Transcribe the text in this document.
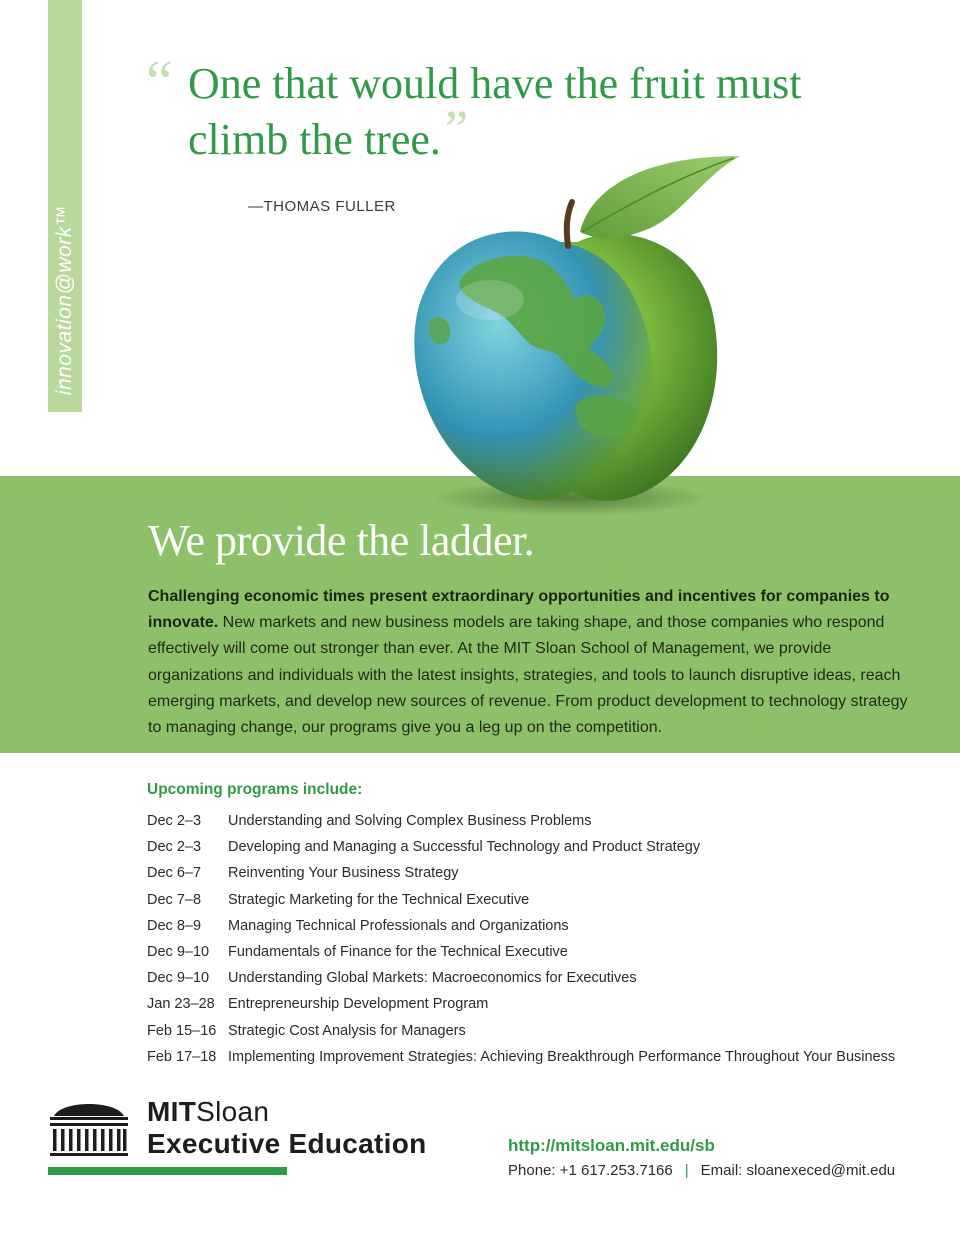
innovation@work™
“ One that would have the fruit must climb the tree.”

—THOMAS FULLER
We provide the ladder.

Challenging economic times present extraordinary opportunities and incentives for companies to innovate. New markets and new business models are taking shape, and those companies who respond effectively will come out stronger than ever. At the MIT Sloan School of Management, we provide organizations and individuals with the latest insights, strategies, and tools to launch disruptive ideas, reach emerging markets, and develop new sources of revenue. From product development to technology strategy to managing change, our programs give you a leg up on the competition.

Upcoming programs include:
Dec 2–3	Understanding and Solving Complex Business Problems
Dec 2–3	Developing and Managing a Successful Technology and Product Strategy
Dec 6–7	Reinventing Your Business Strategy
Dec 7–8	Strategic Marketing for the Technical Executive
Dec 8–9	Managing Technical Professionals and Organizations
Dec 9–10	Fundamentals of Finance for the Technical Executive
Dec 9–10	Understanding Global Markets: Macroeconomics for Executives
Jan 23–28 Entrepreneurship Development Program
Feb 15–16 Strategic Cost Analysis for Managers
Feb 17–18 Implementing Improvement Strategies: Achieving Breakthrough Performance Throughout Your Business
MITSloan
Executive Education	http://mitsloan.mit.edu/sb
Phone: +1 617.253.7166 | Email: sloanexeced@mit.edu
